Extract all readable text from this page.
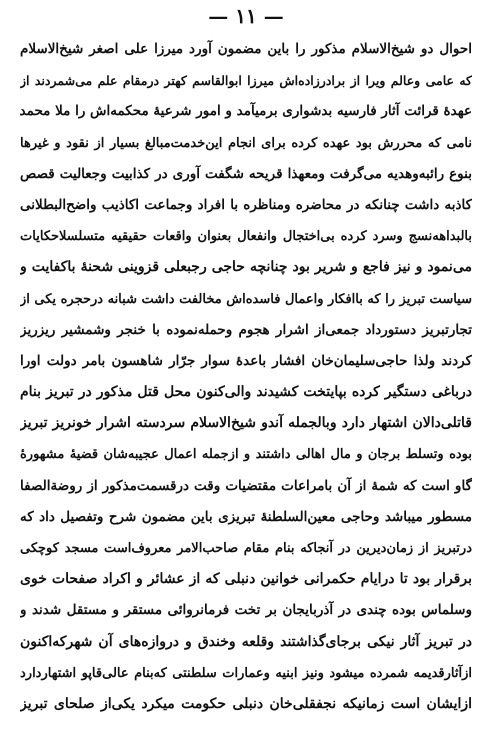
— ۱۱ —
احوال دو شیخ‌الاسلام مذکور را باین مضمون آورد میرزا علی اصغر شیخ‌الاسلام
که عامی وعالم ویرا از برادرزاده‌اش میرزا ابوالقاسم کهتر درمقام علم می‌شمردند از
عهدهٔ قرائت آثار فارسیه بدشواری برمیآمد و امور شرعیهٔ محکمه‌اش را ملا محمد
نامی که محررش بود عهده کرده برای انجام این‌خدمت‌مبالغ بسیار از نقود و غیرها
بنوع رائبه‌وهدیه می‌گرفت ومعهذا قریحه شگفت آوری در کذابیت وجعالیت قصص
کاذبه داشت چنانکه در محاضره ومناظره با افراد وجماعت اکاذیب واضح‌البطلانی
بالبداهه‌نسج وسرد کرده بی‌اختجال وانفعال بعنوان واقعات حقیقیه متسلسلاحکایات
می‌نمود و نیز فاجع و شریر بود چنانچه حاجی رجبعلی قزوینی شحنهٔ باکفایت و
سیاست تبریز را که باافکار واعمال فاسده‌اش مخالفت داشت شبانه درحجره یکی از
تجارتبریز دستورداد جمعی‌از اشرار هجوم وحمله‌نموده با خنجر وشمشیر ریزریز
کردند ولذا حاجی‌سلیمان‌خان افشار باعدهٔ سوار جرّار شاهسون بامر دولت اورا
درباغی دستگیر کرده بپایتخت کشیدند والی‌کنون محل قتل مذکور در تبریز بنام
قاتلی‌دالان اشتهار دارد وبالجمله آندو شیخ‌الاسلام سردسته اشرار خونریز تبریز
بوده وتسلط برجان و مال اهالی داشتند و ازجمله اعمال عجیبه‌شان قضیهٔ مشهورهٔ
گاو است که شمهٔ از آن بامراعات مقتضیات وقت درقسمت‌مذکور از روضةالصفا
مسطور میباشد وحاجی معین‌السلطنهٔ تبریزی باین مضمون شرح وتفصیل داد که
درتبریز از زمان‌دیرین در آنجاکه بنام مقام صاحب‌الامر معروف‌است مسجد کوچکی
برقرار بود تا درایام حکمرانی خوانین دنبلی که از عشائر و اکراد صفحات خوی
وسلماس بوده چندی در آذربایجان بر تخت فرمانروائی مستقر و مستقل شدند و
در تبریز آثار نیکی برجای‌گذاشتند وقلعه وخندق و دروازه‌های آن‌ ‌شهرکه‌اکنون
ازآثارقدیمه شمرده میشود ونیز ابنیه وعمارات سلطنتی که‌بنام عالی‌قاپو اشتهاردارد
ازایشان است زمانیکه نجفقلی‌خان دنبلی حکومت میکرد یکی‌از صلحای تبریز
